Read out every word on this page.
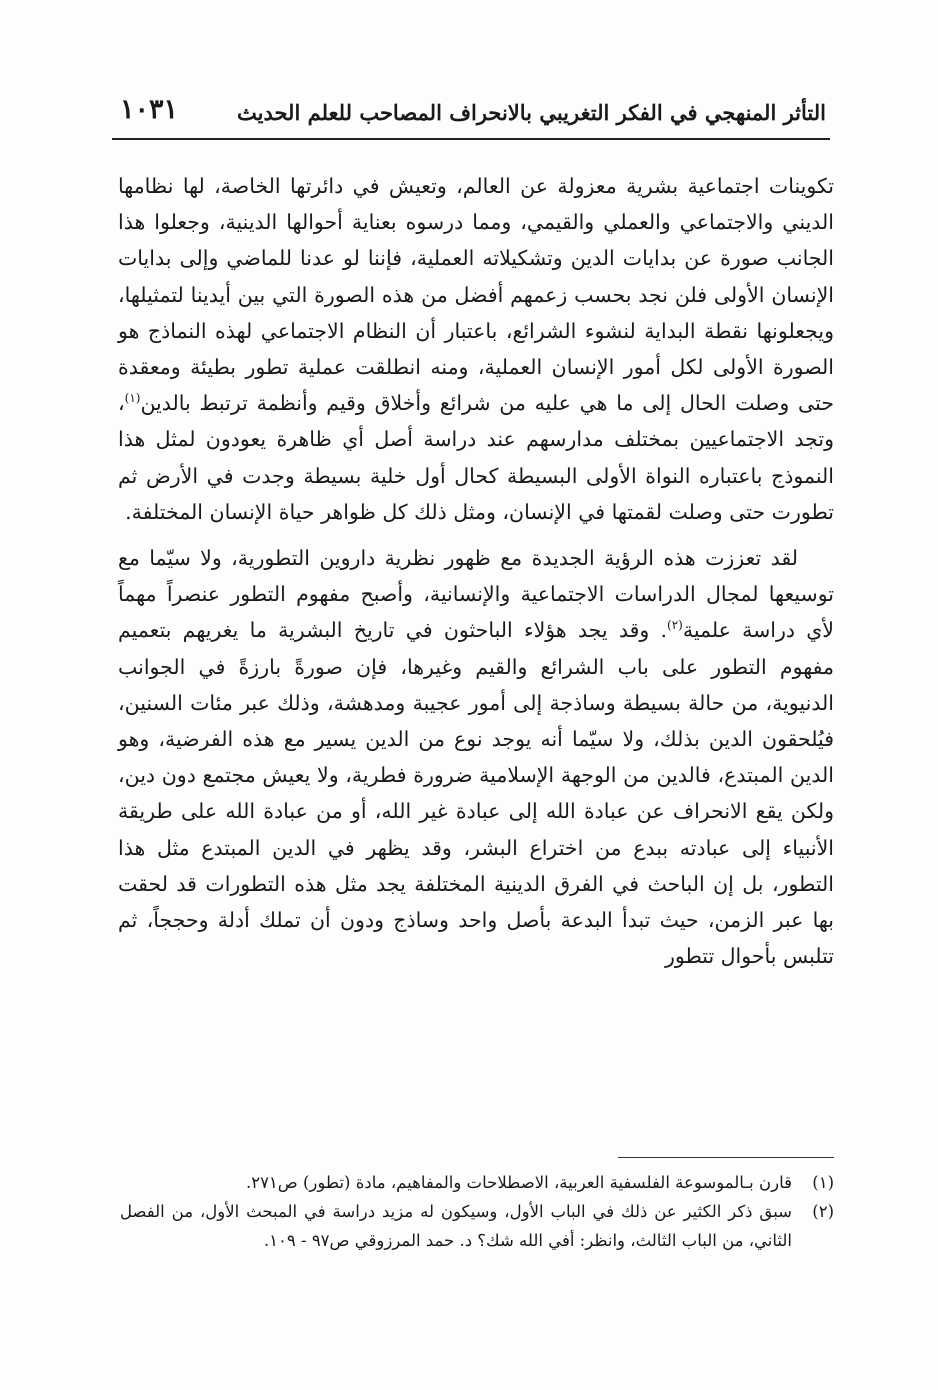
التأثر المنهجي في الفكر التغريبي بالانحراف المصاحب للعلم الحديث
١٠٣١

تكوينات اجتماعية بشرية معزولة عن العالم، وتعيش في دائرتها الخاصة، لها نظامها الديني والاجتماعي والعملي والقيمي، ومما درسوه بعناية أحوالها الدينية، وجعلوا هذا الجانب صورة عن بدايات الدين وتشكيلاته العملية، فإننا لو عدنا للماضي وإلى بدايات الإنسان الأولى فلن نجد بحسب زعمهم أفضل من هذه الصورة التي بين أيدينا لتمثيلها، ويجعلونها نقطة البداية لنشوء الشرائع، باعتبار أن النظام الاجتماعي لهذه النماذج هو الصورة الأولى لكل أمور الإنسان العملية، ومنه انطلقت عملية تطور بطيئة ومعقدة حتى وصلت الحال إلى ما هي عليه من شرائع وأخلاق وقيم وأنظمة ترتبط بالدين$^{(١)}$، وتجد الاجتماعيين بمختلف مدارسهم عند دراسة أصل أي ظاهرة يعودون لمثل هذا النموذج باعتباره النواة الأولى البسيطة كحال أول خلية بسيطة وجدت في الأرض ثم تطورت حتى وصلت لقمتها في الإنسان، ومثل ذلك كل ظواهر حياة الإنسان المختلفة.

لقد تعززت هذه الرؤية الجديدة مع ظهور نظرية داروين التطورية، ولا سيّما مع توسيعها لمجال الدراسات الاجتماعية والإنسانية، وأصبح مفهوم التطور عنصراً مهماً لأي دراسة علمية$^{(٢)}$. وقد يجد هؤلاء الباحثون في تاريخ البشرية ما يغريهم بتعميم مفهوم التطور على باب الشرائع والقيم وغيرها، فإن صورةً بارزةً في الجوانب الدنيوية، من حالة بسيطة وساذجة إلى أمور عجيبة ومدهشة، وذلك عبر مئات السنين، فيُلحقون الدين بذلك، ولا سيّما أنه يوجد نوع من الدين يسير مع هذه الفرضية، وهو الدين المبتدع، فالدين من الوجهة الإسلامية ضرورة فطرية، ولا يعيش مجتمع دون دين، ولكن يقع الانحراف عن عبادة الله إلى عبادة غير الله، أو من عبادة الله على طريقة الأنبياء إلى عبادته ببدع من اختراع البشر، وقد يظهر في الدين المبتدع مثل هذا التطور، بل إن الباحث في الفرق الدينية المختلفة يجد مثل هذه التطورات قد لحقت بها عبر الزمن، حيث تبدأ البدعة بأصل واحد وساذج ودون أن تملك أدلة وحججاً، ثم تتلبس بأحوال تتطور

(١)
قارن بـالموسوعة الفلسفية العربية، الاصطلاحات والمفاهيم، مادة (تطور) ص٢٧١.
(٢)
سبق ذكر الكثير عن ذلك في الباب الأول، وسيكون له مزيد دراسة في المبحث الأول، من الفصل الثاني، من الباب الثالث، وانظر: أفي الله شك؟ د. حمد المرزوقي ص٩٧ - ١٠٩.
